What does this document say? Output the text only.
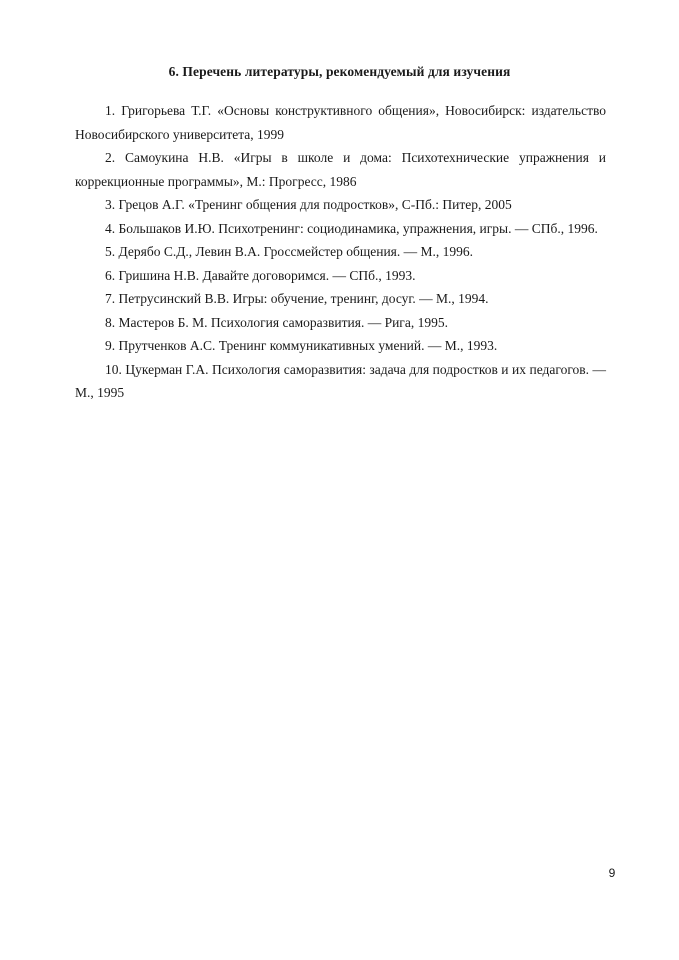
6. Перечень литературы, рекомендуемый для изучения
1. Григорьева Т.Г. «Основы конструктивного общения», Новосибирск: издательство Новосибирского университета, 1999
2. Самоукина Н.В. «Игры в школе и дома: Психотехнические упражнения и коррекционные программы», М.: Прогресс, 1986
3. Грецов А.Г. «Тренинг общения для подростков», С-Пб.: Питер, 2005
4. Большаков И.Ю. Психотренинг: социодинамика, упражнения, игры. — СПб., 1996.
5. Дерябо С.Д., Левин В.А. Гроссмейстер общения. — М., 1996.
6. Гришина Н.В. Давайте договоримся. — СПб., 1993.
7. Петрусинский В.В. Игры: обучение, тренинг, досуг. — М., 1994.
8. Мастеров Б. М. Психология саморазвития. — Рига, 1995.
9. Прутченков А.С. Тренинг коммуникативных умений. — М., 1993.
10. Цукерман Г.А. Психология саморазвития: задача для подростков и их педагогов. — М., 1995
9
